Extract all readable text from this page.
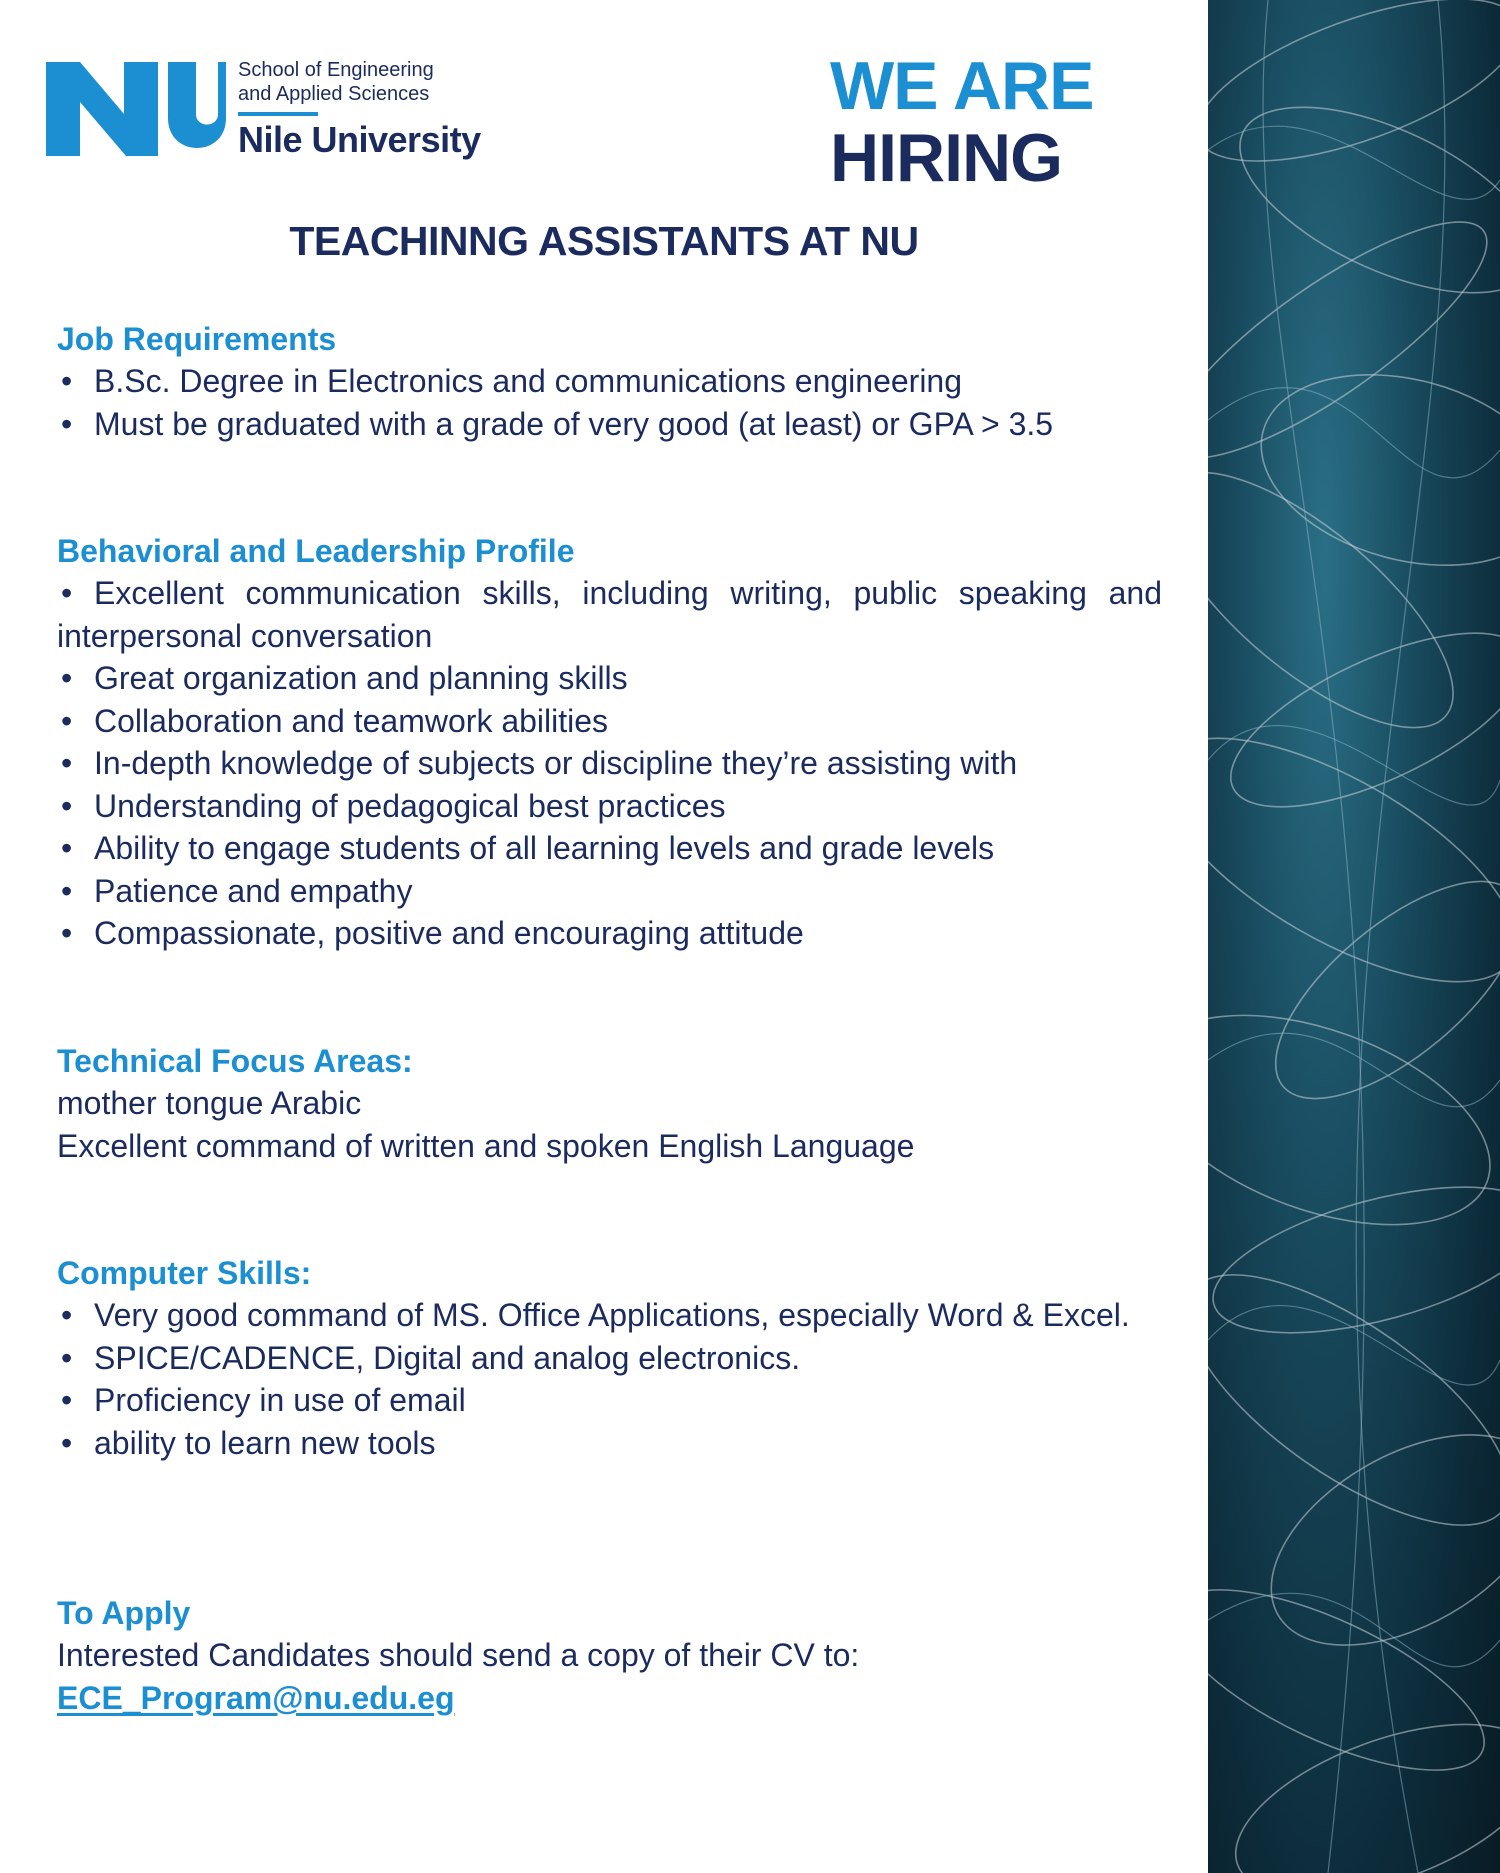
School of Engineering
and Applied Sciences
Nile University
WE ARE
HIRING
TEACHINNG ASSISTANTS AT NU
Job Requirements
• B.Sc. Degree in Electronics and communications engineering
• Must be graduated with a grade of very good (at least) or GPA > 3.5
Behavioral and Leadership Profile
• Excellent communication skills, including writing, public speaking and interpersonal conversation
• Great organization and planning skills
• Collaboration and teamwork abilities
• In-depth knowledge of subjects or discipline they’re assisting with
• Understanding of pedagogical best practices
• Ability to engage students of all learning levels and grade levels
• Patience and empathy
• Compassionate, positive and encouraging attitude
Technical Focus Areas:
mother tongue Arabic
Excellent command of written and spoken English Language
Computer Skills:
• Very good command of MS. Office Applications, especially Word & Excel.
• SPICE/CADENCE, Digital and analog electronics.
• Proficiency in use of email
• ability to learn new tools
To Apply
Interested Candidates should send a copy of their CV to:
ECE_Program@nu.edu.eg
